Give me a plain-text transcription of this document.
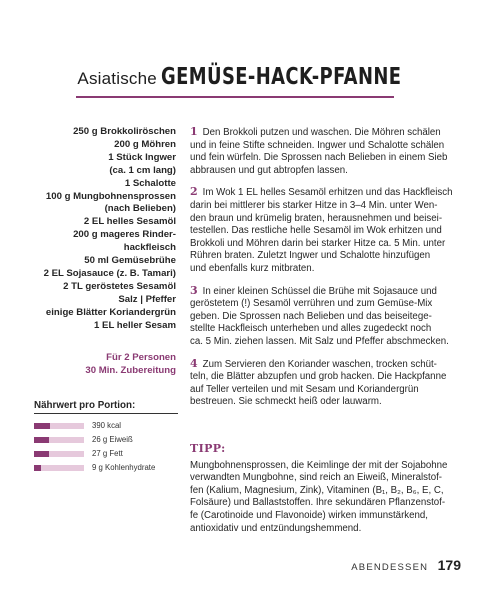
Asiatische GEMÜSE-HACK-PFANNE
250 g Brokkoliröschen
200 g Möhren
1 Stück Ingwer
(ca. 1 cm lang)
1 Schalotte
100 g Mungbohnensprossen
(nach Belieben)
2 EL helles Sesamöl
200 g mageres Rinder-
hackfleisch
50 ml Gemüsebrühe
2 EL Sojasauce (z. B. Tamari)
2 TL geröstetes Sesamöl
Salz | Pfeffer
einige Blätter Koriandergrün
1 EL heller Sesam
Für 2 Personen
30 Min. Zubereitung
Nährwert pro Portion:
390 kcal
26 g Eiweiß
27 g Fett
9 g Kohlenhydrate
1 Den Brokkoli putzen und waschen. Die Möhren schälen
und in feine Stifte schneiden. Ingwer und Schalotte schälen
und fein würfeln. Die Sprossen nach Belieben in einem Sieb
abbrausen und gut abtropfen lassen.
2 Im Wok 1 EL helles Sesamöl erhitzen und das Hackfleisch
darin bei mittlerer bis starker Hitze in 3–4 Min. unter Wen-
den braun und krümelig braten, herausnehmen und beisei-
testellen. Das restliche helle Sesamöl im Wok erhitzen und
Brokkoli und Möhren darin bei starker Hitze ca. 5 Min. unter
Rühren braten. Zuletzt Ingwer und Schalotte hinzufügen
und ebenfalls kurz mitbraten.
3 In einer kleinen Schüssel die Brühe mit Sojasauce und
geröstetem (!) Sesamöl verrühren und zum Gemüse-Mix
geben. Die Sprossen nach Belieben und das beiseitege-
stellte Hackfleisch unterheben und alles zugedeckt noch
ca. 5 Min. ziehen lassen. Mit Salz und Pfeffer abschmecken.
4 Zum Servieren den Koriander waschen, trocken schüt-
teln, die Blätter abzupfen und grob hacken. Die Hackpfanne
auf Teller verteilen und mit Sesam und Koriandergrün
bestreuen. Sie schmeckt heiß oder lauwarm.
TIPP:
Mungbohnensprossen, die Keimlinge der mit der Sojabohne
verwandten Mungbohne, sind reich an Eiweiß, Mineralstof-
fen (Kalium, Magnesium, Zink), Vitaminen (B₁, B₂, B₆, E, C,
Folsäure) und Ballaststoffen. Ihre sekundären Pflanzenstof-
fe (Carotinoide und Flavonoide) wirken immunstärkend,
antioxidativ und entzündungshemmend.
ABENDESSEN 179
